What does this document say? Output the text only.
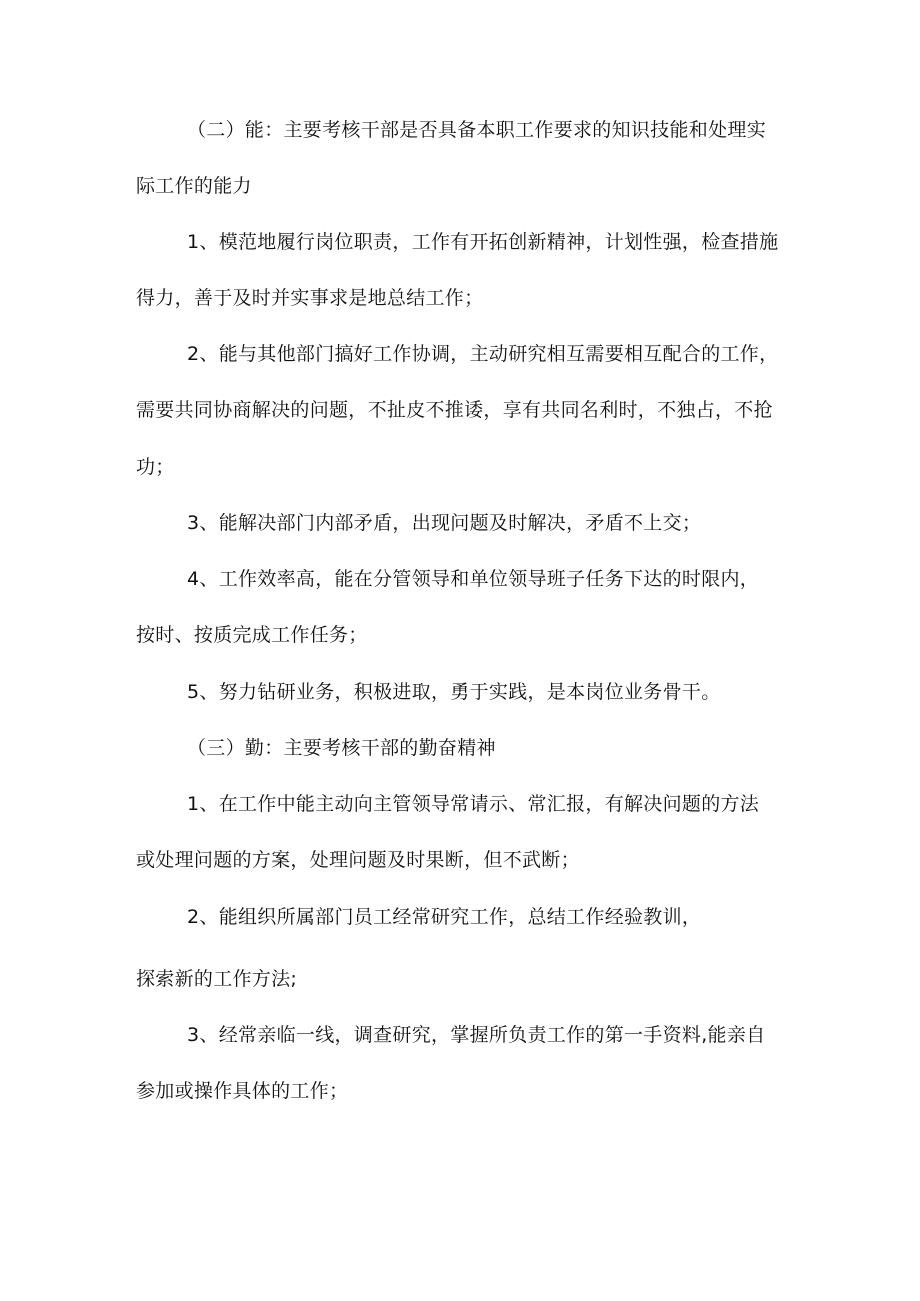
（二）能：主要考核干部是否具备本职工作要求的知识技能和处理实
际工作的能力
1、模范地履行岗位职责，工作有开拓创新精神，计划性强，检查措施
得力，善于及时并实事求是地总结工作；
2、能与其他部门搞好工作协调，主动研究相互需要相互配合的工作，
需要共同协商解决的问题，不扯皮不推诿，享有共同名利时，不独占，不抢
功；
3、能解决部门内部矛盾，出现问题及时解决，矛盾不上交；
4、工作效率高，能在分管领导和单位领导班子任务下达的时限内，
按时、按质完成工作任务；
5、努力钻研业务，积极进取，勇于实践，是本岗位业务骨干。
（三）勤：主要考核干部的勤奋精神
1、在工作中能主动向主管领导常请示、常汇报，有解决问题的方法
或处理问题的方案，处理问题及时果断，但不武断；
2、能组织所属部门员工经常研究工作，总结工作经验教训，
探索新的工作方法;
3、经常亲临一线，调查研究，掌握所负责工作的第一手资料,能亲自
参加或操作具体的工作；
